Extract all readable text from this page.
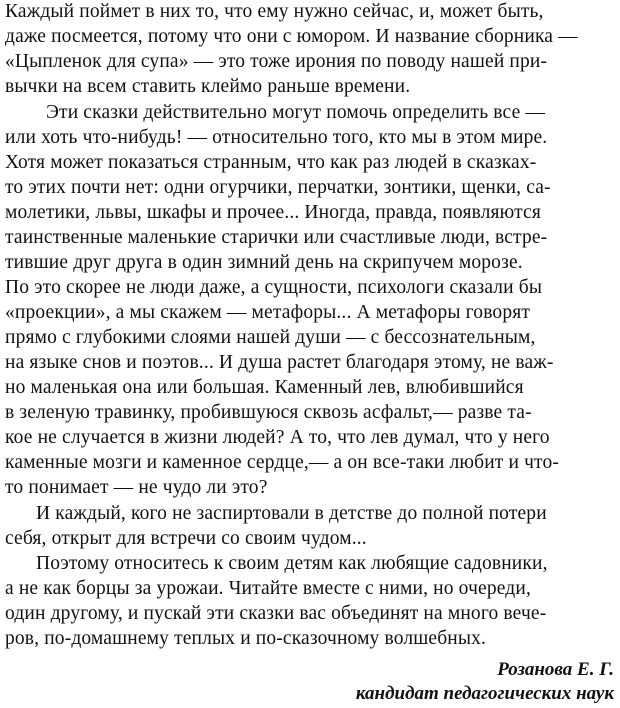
Каждый поймет в них то, что ему нужно сейчас, и, может быть,
даже посмеется, потому что они с юмором. И название сборника —
«Цыпленок для супа» — это тоже ирония по поводу нашей при-
вычки на всем ставить клеймо раньше времени.
Эти сказки действительно могут помочь определить все —
или хоть что-нибудь! — относительно того, кто мы в этом мире.
Хотя может показаться странным, что как раз людей в сказках-
то этих почти нет: одни огурчики, перчатки, зонтики, щенки, са-
молетики, львы, шкафы и прочее... Иногда, правда, появляются
таинственные маленькие старички или счастливые люди, встре-
тившие друг друга в один зимний день на скрипучем морозе.
По это скорее не люди даже, а сущности, психологи сказали бы
«проекции», а мы скажем — метафоры... А метафоры говорят
прямо с глубокими слоями нашей души — с бессознательным,
на языке снов и поэтов... И душа растет благодаря этому, не важ-
но маленькая она или большая. Каменный лев, влюбившийся
в зеленую травинку, пробившуюся сквозь асфальт,— разве та-
кое не случается в жизни людей? А то, что лев думал, что у него
каменные мозги и каменное сердце,— а он все-таки любит и что-
то понимает — не чудо ли это?
И каждый, кого не заспиртовали в детстве до полной потери
себя, открыт для встречи со своим чудом...
Поэтому относитесь к своим детям как любящие садовники,
а не как борцы за урожаи. Читайте вместе с ними, но очереди,
один другому, и пускай эти сказки вас объединят на много вече-
ров, по-домашнему теплых и по-сказочному волшебных.
Розанова Е. Г.
кандидат педагогических наук
